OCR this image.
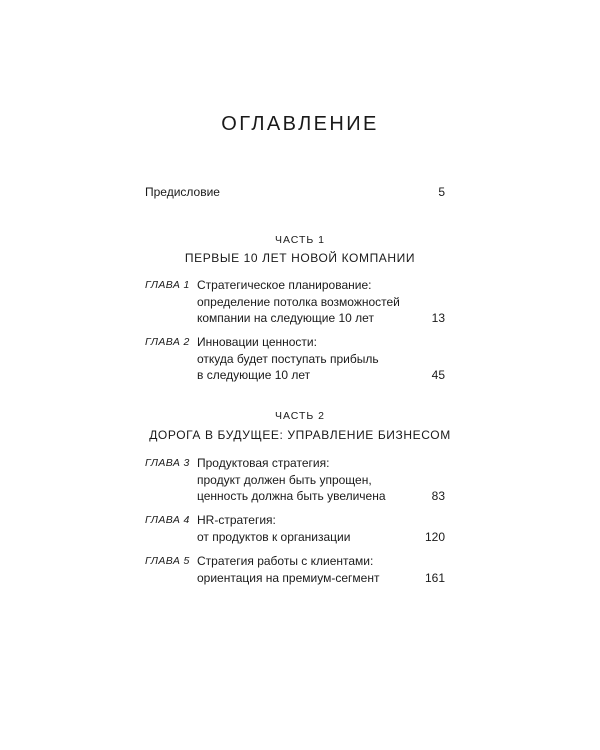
ОГЛАВЛЕНИЕ
Предисловие	5
ЧАСТЬ 1
ПЕРВЫЕ 10 ЛЕТ НОВОЙ КОМПАНИИ
ГЛАВА 1 Стратегическое планирование:
определение потолка возможностей
компании на следующие 10 лет	13
ГЛАВА 2 Инновации ценности:
откуда будет поступать прибыль
в следующие 10 лет	45
ЧАСТЬ 2
ДОРОГА В БУДУЩЕЕ: УПРАВЛЕНИЕ БИЗНЕСОМ
ГЛАВА 3 Продуктовая стратегия:
продукт должен быть упрощен,
ценность должна быть увеличена	83
ГЛАВА 4 HR-стратегия:
от продуктов к организации	120
ГЛАВА 5 Стратегия работы с клиентами:
ориентация на премиум-сегмент	161
